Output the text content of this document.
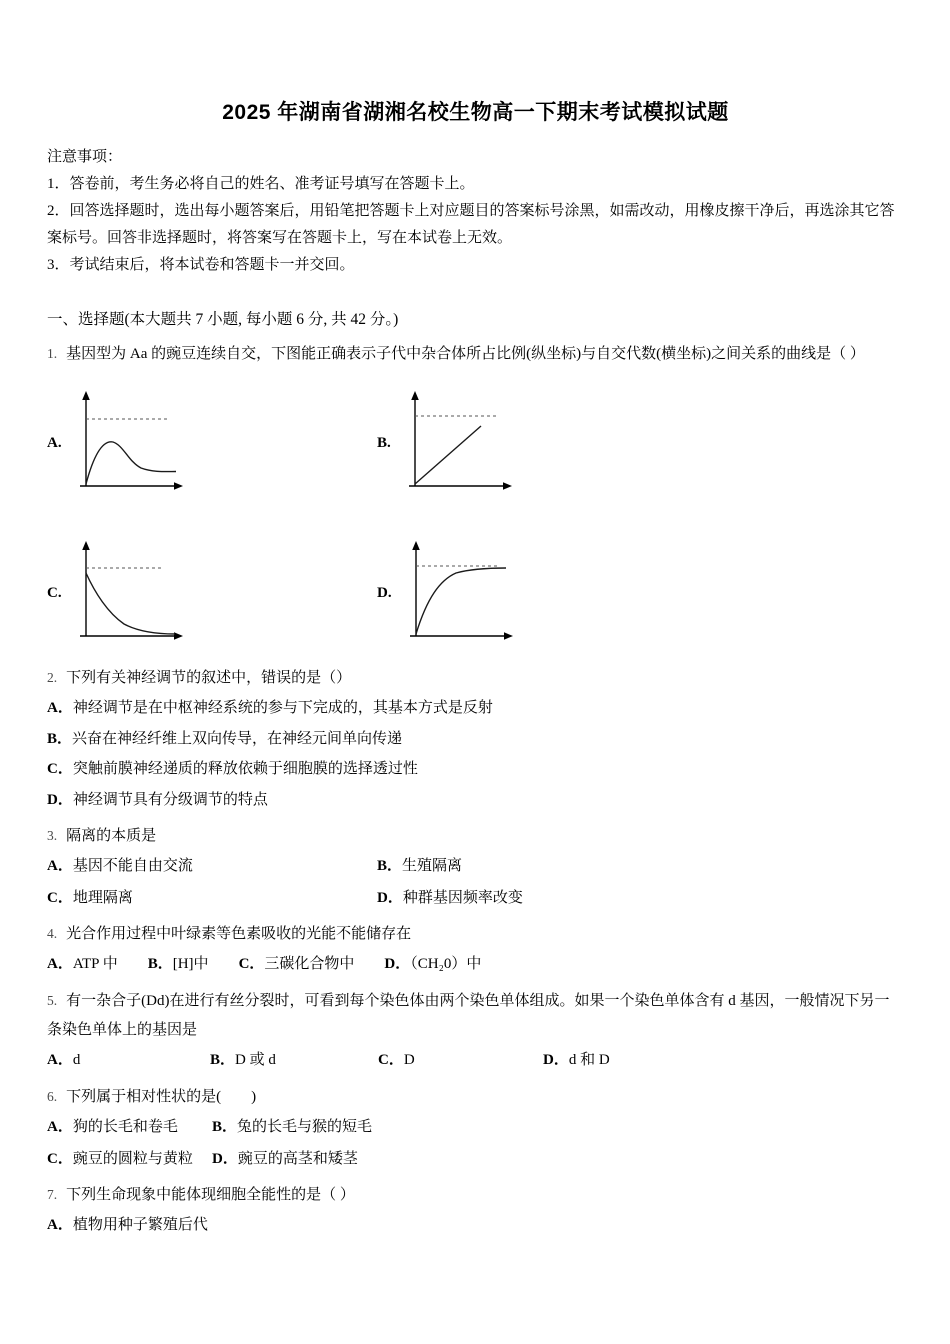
2025 年湖南省湖湘名校生物高一下期末考试模拟试题

注意事项：

1．答卷前，考生务必将自己的姓名、准考证号填写在答题卡上。

2．回答选择题时，选出每小题答案后，用铅笔把答题卡上对应题目的答案标号涂黑，如需改动，用橡皮擦干净后，再选涂其它答案标号。回答非选择题时，将答案写在答题卡上，写在本试卷上无效。

3．考试结束后，将本试卷和答题卡一并交回。

一、选择题(本大题共 7 小题, 每小题 6 分, 共 42 分。)

1. 基因型为 Aa 的豌豆连续自交，下图能正确表示子代中杂合体所占比例(纵坐标)与自交代数(横坐标)之间关系的曲线是（ ）

A.	B.
C.	D.

2. 下列有关神经调节的叙述中，错误的是（）

A．神经调节是在中枢神经系统的参与下完成的，其基本方式是反射
B．兴奋在神经纤维上双向传导，在神经元间单向传递
C．突触前膜神经递质的释放依赖于细胞膜的选择透过性
D．神经调节具有分级调节的特点

3. 隔离的本质是

A．基因不能自由交流	B．生殖隔离
C．地理隔离	D．种群基因频率改变

4. 光合作用过程中叶绿素等色素吸收的光能不能储存在

A．ATP 中 B．[H]中 C．三碳化合物中 D．（CH₂0）中

5. 有一杂合子(Dd)在进行有丝分裂时，可看到每个染色体由两个染色单体组成。如果一个染色单体含有 d 基因，一般情况下另一条染色单体上的基因是

A．d	B．D 或 d	C．D	D．d 和 D

6. 下列属于相对性状的是(　　)

A．狗的长毛和卷毛	B．兔的长毛与猴的短毛
C．豌豆的圆粒与黄粒	D．豌豆的高茎和矮茎

7. 下列生命现象中能体现细胞全能性的是（ ）

A．植物用种子繁殖后代
